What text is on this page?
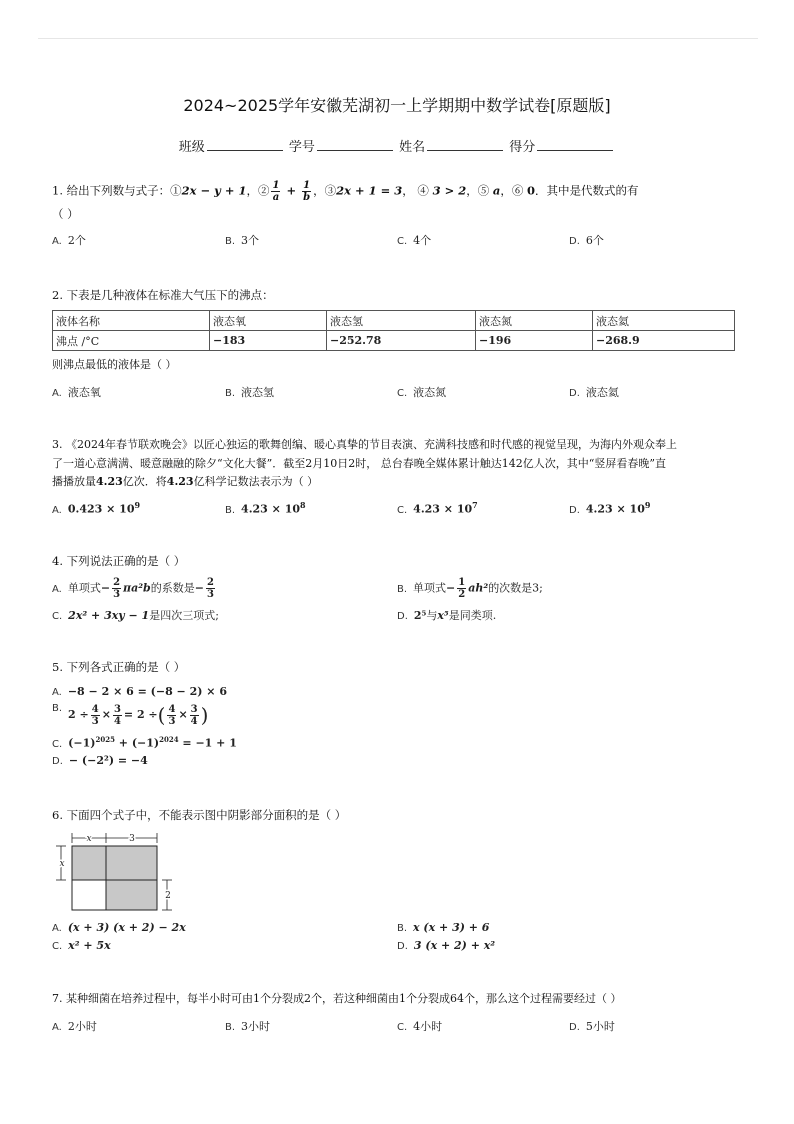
2024~2025学年安徽芜湖初一上学期期中数学试卷[原题版]
班级	学号	姓名	得分
1. 给出下列数与式子：①2x − y + 1，② $\frac{1}{a} + \frac{1}{b}$ ，③2x + 1 = 3， ④ 3 > 2，⑤ a，⑥ 0．其中是代数式的有
（ ）
A. 2个	B. 3个	C. 4个	D. 6个
2. 下表是几种液体在标准大气压下的沸点：
液体名称	液态氧	液态氢	液态氮	液态氦
沸点 /°C	−183	−252.78	−196	−268.9
则沸点最低的液体是（ ）
A. 液态氧	B. 液态氢	C. 液态氮	D. 液态氦
3. 《2024年春节联欢晚会》以匠心独运的歌舞创编、暖心真挚的节目表演、充满科技感和时代感的视觉呈现，为海内外观众奉上
了一道心意满满、暖意融融的除夕“文化大餐”．截至2月10日2时， 总台春晚全媒体累计触达142亿人次，其中“竖屏看春晚”直
播播放量4.23亿次．将4.23亿科学记数法表示为（ ）
A. $0.423 \times 10^9$	B. $4.23 \times 10^8$	C. $4.23 \times 10^7$	D. $4.23 \times 10^9$
4. 下列说法正确的是（ ）
A. 单项式− $\frac{2}{3} \pi a^2b$的系数是− $\frac{2}{3}$	B. 单项式− $\frac{1}{2} ah^2$的次数是3;
C. 2x² + 3xy − 1是四次三项式;	D. 2⁵与x⁵是同类项.
5. 下列各式正确的是（ ）
A. −8 − 2 × 6 = (−8 − 2) × 6
B. $2 \div \frac{4}{3} \times \frac{3}{4} = 2$ ÷( $\frac{4}{3} \times \frac{3}{4}$ )
C. $(-1)^{2025} + (-1)^{2024} = -1 + 1$
D. − (−2²) = −4
6. 下面四个式子中，不能表示图中阴影部分面积的是（ ）
x	3
x
2
A. (x + 3) (x + 2) − 2x	B. x (x + 3) + 6
C. x² + 5x	D. 3 (x + 2) + x²
7. 某种细菌在培养过程中，每半小时可由1个分裂成2个，若这种细菌由1个分裂成64个，那么这个过程需要经过（ ）
A. 2小时	B. 3小时	C. 4小时	D. 5小时
